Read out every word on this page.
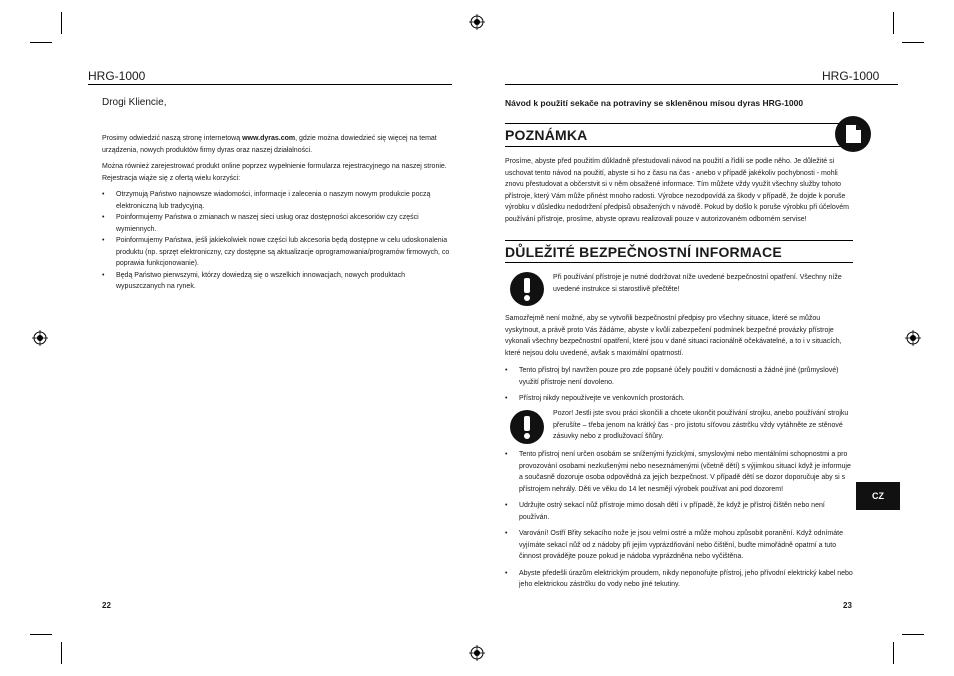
HRG-1000
Drogi Kliencie,

Prosimy odwiedzić naszą stronę internetową www.dyras.com, gdzie można dowiedzieć się więcej na temat urządzenia, nowych produktów firmy dyras oraz naszej działalności.

Można również zarejestrować produkt online poprzez wypełnienie formularza rejestracyjnego na naszej stronie. Rejestracja wiąże się z ofertą wielu korzyści:

• Otrzymują Państwo najnowsze wiadomości, informacje i zalecenia o naszym nowym produkcie począ elektroniczną lub tradycyjną.
• Poinformujemy Państwa o zmianach w naszej sieci usług oraz dostępności akcesoriów czy części wymiennych.
• Poinformujemy Państwa, jeśli jakiekolwiek nowe części lub akcesoria będą dostępne w celu udoskonalenia produktu (np. sprzęt elektroniczny, czy dostępne są aktualizacje oprogramowania/programów firmowych, co poprawia funkcjonowanie).
• Będą Państwo pierwszymi, którzy dowiedzą się o wszelkich innowacjach, nowych produktach wypuszczanych na rynek.
22
HRG-1000
Návod k použití sekače na potraviny se skleněnou mísou dyras HRG-1000
POZNÁMKA
Prosíme, abyste před použitím důkladně přestudovali návod na použití a řídili se podle něho. Je důležité si uschovat tento návod na použití, abyste si ho z času na čas - anebo v případě jakékoliv pochybnosti - mohli znovu přestudovat a občerstvit si v něm obsažené informace. Tím můžete vždy využít všechny služby tohoto přístroje, který Vám může přinést mnoho radosti. Výrobce nezodpovídá za škody v případě, že dojde k poruše výrobku v důsledku nedodržení předpisů obsažených v návodě. Pokud by došlo k poruše výrobku při účelovém používání přístroje, prosíme, abyste opravu realizovali pouze v autorizovaném odborném servise!
DŮLEŽITÉ BEZPEČNOSTNÍ INFORMACE
Při používání přístroje je nutné dodržovat níže uvedené bezpečnostní opatření. Všechny níže uvedené instrukce si starostlivě přečtěte!
Samozřejmě není možné, aby se vytvořili bezpečnostní předpisy pro všechny situace, které se můžou vyskytnout, a právě proto Vás žádáme, abyste v kvůli zabezpečení podmínek bezpečné provázky přístroje vykonali všechny bezpečnostní opatření, které jsou v dané situaci racionálně očekávatelné, a to i v situacích, které nejsou dolu uvedené, avšak s maximální opatrností.
• Tento přístroj byl navržen pouze pro zde popsané účely použití v domácnosti a žádné jiné (průmyslové) využití přístroje není dovoleno.
• Přístroj nikdy nepoužívejte ve venkovních prostorách.
Pozor! Jestli jste svou práci skončili a chcete ukončit používání strojku, anebo používání strojku přerušíte – třeba jenom na krátký čas - pro jistotu síťovou zástrčku vždy vytáhněte ze stěnové zásuvky nebo z prodlužovací šňůry.
• Tento přístroj není určen osobám se sníženými fyzickými, smyslovými nebo mentálními schopnostmi a pro provozování osobami nezkušenými nebo neseznámenými (včetně dětí) s výjimkou situací když je informuje a současně dozoruje osoba odpovědná za jejich bezpečnost. V případě dětí se dozor doporučuje aby si s přístrojem nehrály. Děti ve věku do 14 let nesmějí výrobek používat ani pod dozorem!
• Udržujte ostrý sekací nůž přístroje mimo dosah dětí i v případě, že když je přístroj čištěn nebo není používán.
• Varování! Ostří Břity sekacího nože je jsou velmi ostré a může mohou způsobit poranění. Když odnímáte vyjímáte sekací nůž od z nádoby při jejím vyprázdňování nebo čištění, buďte mimořádně opatrní a tuto činnost provádějte pouze pokud je nádoba vyprázdněna nebo vyčištěna.
• Abyste předešli úrazům elektrickým proudem, nikdy neponořujte přístroj, jeho přívodní elektrický kabel nebo jeho elektrickou zástrčku do vody nebo jiné tekutiny.
23
CZ
